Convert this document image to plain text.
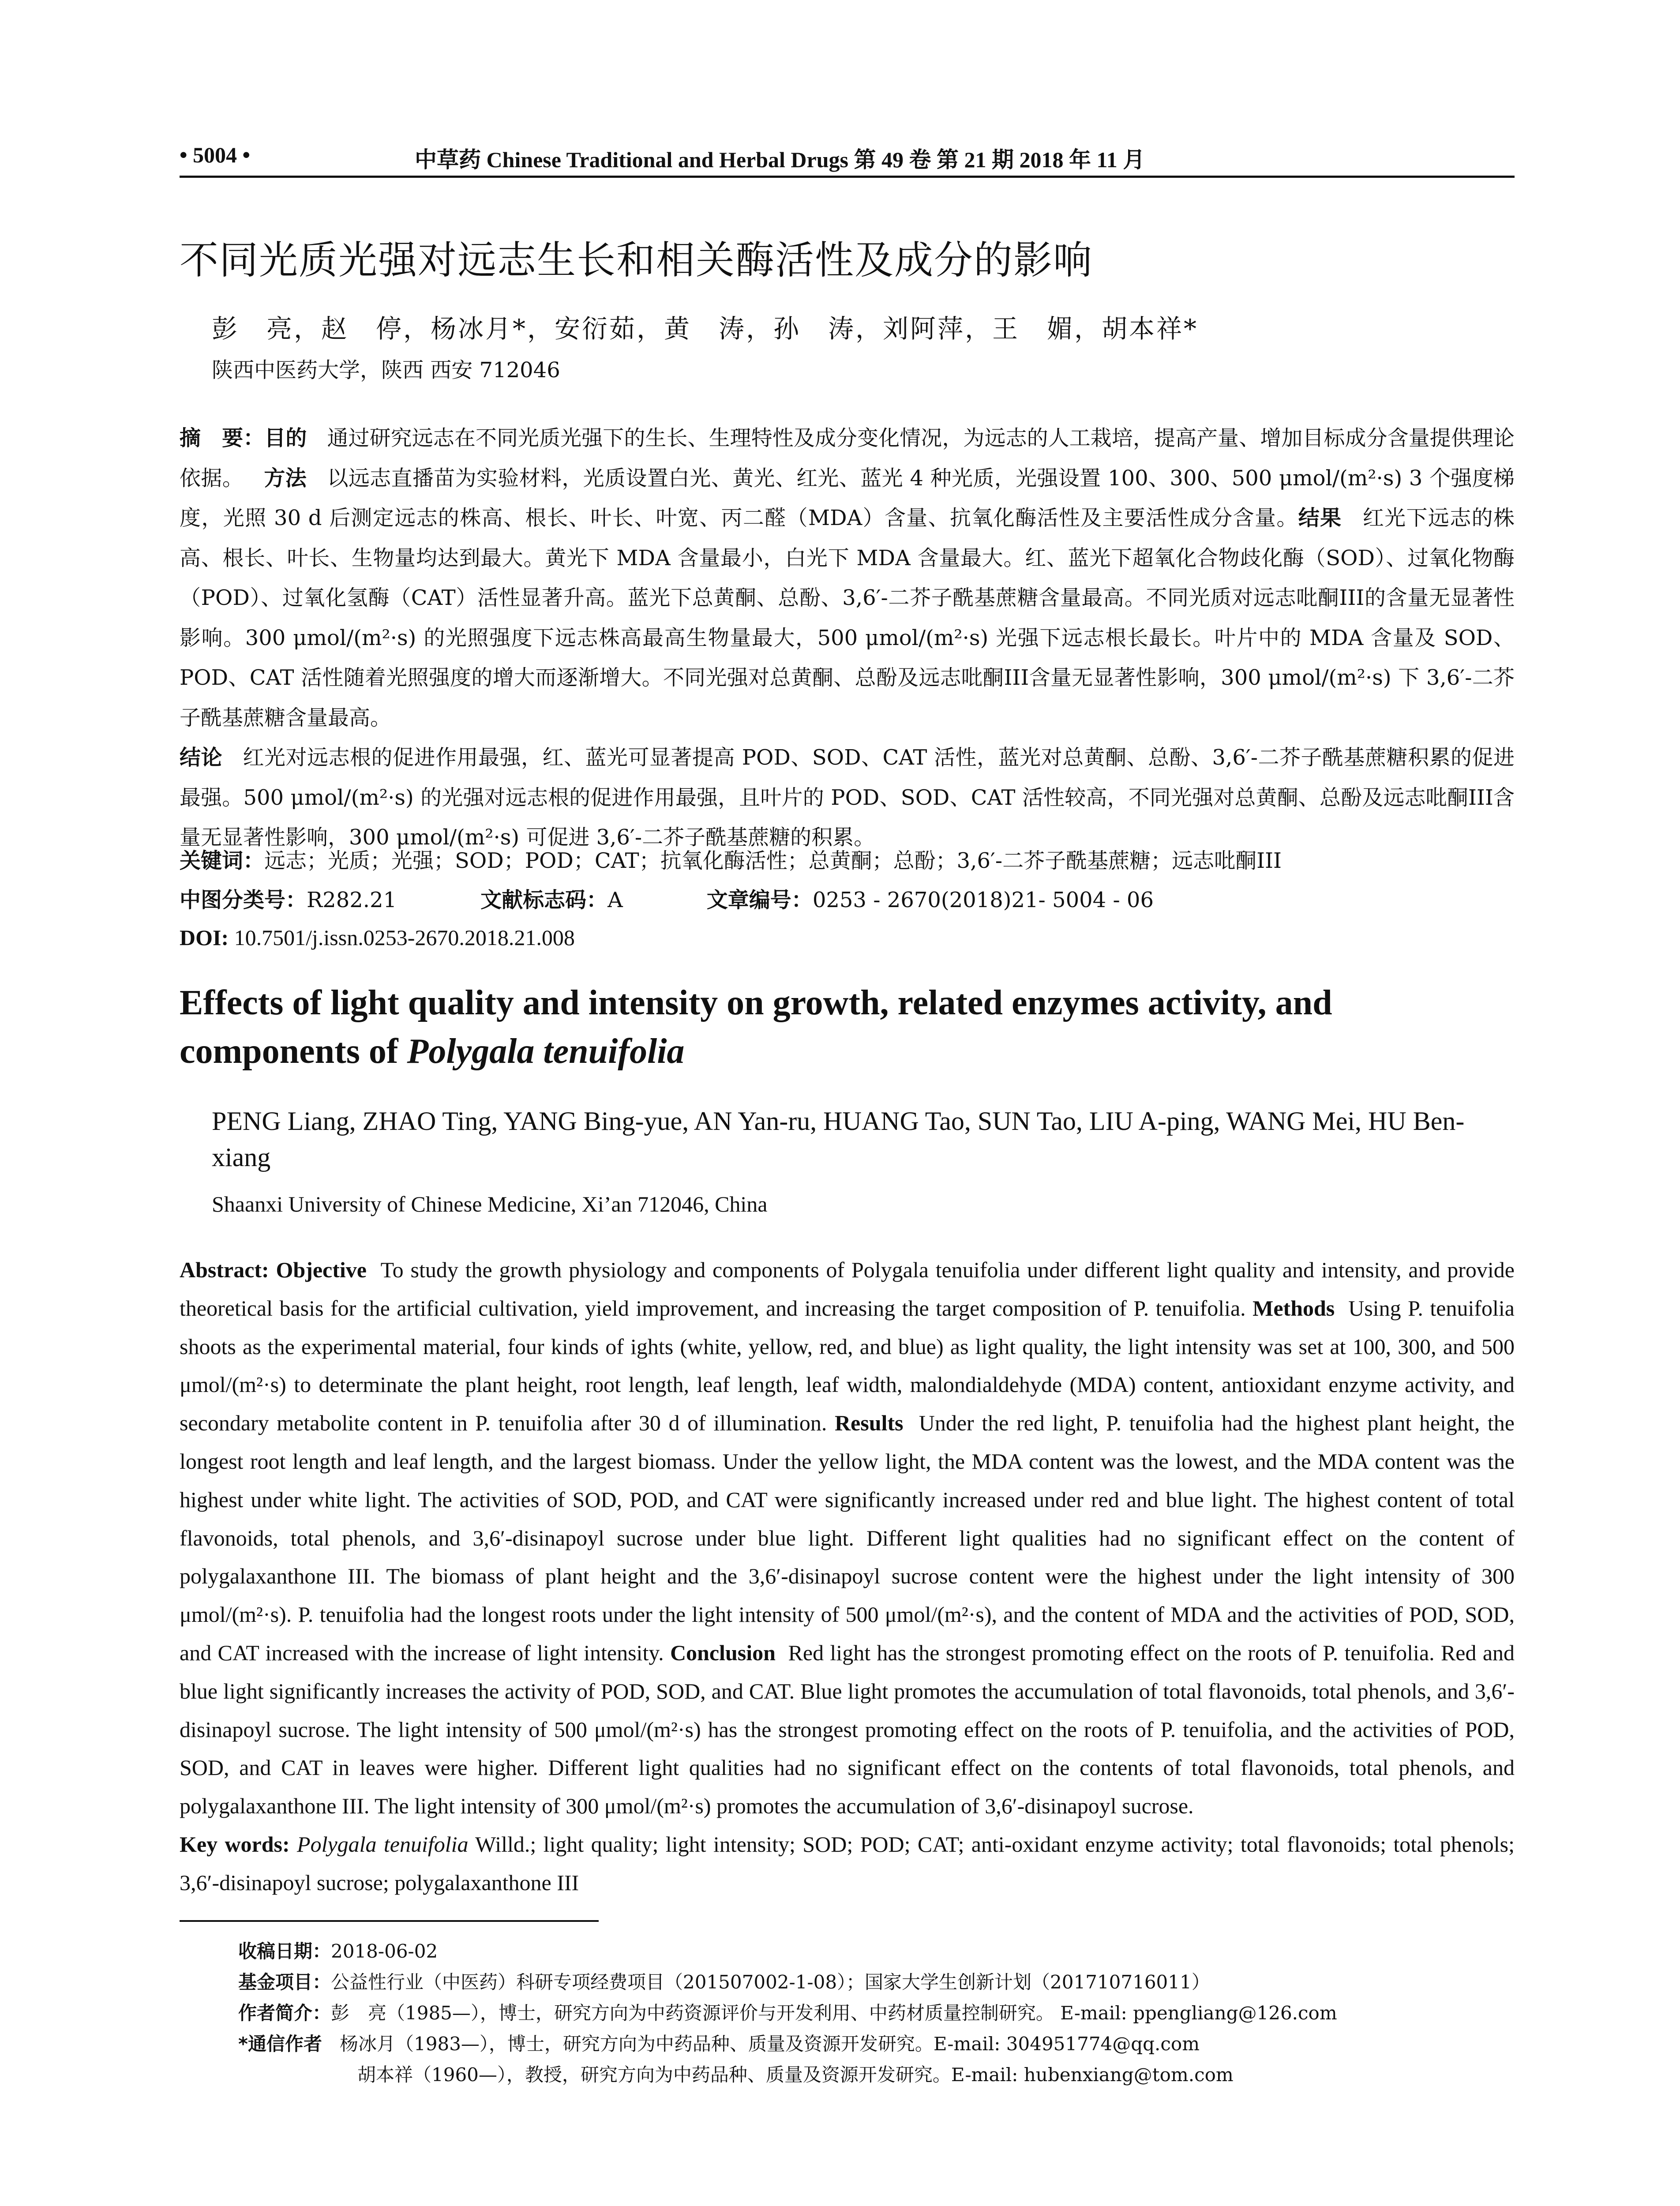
• 5004 •	中草药 Chinese Traditional and Herbal Drugs 第 49 卷 第 21 期 2018 年 11 月
不同光质光强对远志生长和相关酶活性及成分的影响
彭　亮，赵　停，杨冰月*，安衍茹，黄　涛，孙　涛，刘阿萍，王　媚，胡本祥*
陕西中医药大学，陕西 西安 712046
摘　要：目的 通过研究远志在不同光质光强下的生长、生理特性及成分变化情况，为远志的人工栽培，提高产量、增加目标成分含量提供理论依据。 方法 以远志直播苗为实验材料，光质设置白光、黄光、红光、蓝光 4 种光质，光强设置 100、300、500 μmol/(m²·s) 3 个强度梯度，光照 30 d 后测定远志的株高、根长、叶长、叶宽、丙二醛（MDA）含量、抗氧化酶活性及主要活性成分含量。结果 红光下远志的株高、根长、叶长、生物量均达到最大。黄光下 MDA 含量最小，白光下 MDA 含量最大。红、蓝光下超氧化合物歧化酶（SOD）、过氧化物酶（POD）、过氧化氢酶（CAT）活性显著升高。蓝光下总黄酮、总酚、3,6′-二芥子酰基蔗糖含量最高。不同光质对远志吡酮III的含量无显著性影响。300 μmol/(m²·s) 的光照强度下远志株高最高生物量最大，500 μmol/(m²·s) 光强下远志根长最长。叶片中的 MDA 含量及 SOD、POD、CAT 活性随着光照强度的增大而逐渐增大。不同光强对总黄酮、总酚及远志吡酮III含量无显著性影响，300 μmol/(m²·s) 下 3,6′-二芥子酰基蔗糖含量最高。
结论 红光对远志根的促进作用最强，红、蓝光可显著提高 POD、SOD、CAT 活性，蓝光对总黄酮、总酚、3,6′-二芥子酰基蔗糖积累的促进最强。500 μmol/(m²·s) 的光强对远志根的促进作用最强，且叶片的 POD、SOD、CAT 活性较高，不同光强对总黄酮、总酚及远志吡酮III含量无显著性影响，300 μmol/(m²·s) 可促进 3,6′-二芥子酰基蔗糖的积累。
关键词：远志；光质；光强；SOD；POD；CAT；抗氧化酶活性；总黄酮；总酚；3,6′-二芥子酰基蔗糖；远志吡酮III
中图分类号：R282.21	文献标志码：A	文章编号：0253 - 2670(2018)21- 5004 - 06
DOI: 10.7501/j.issn.0253-2670.2018.21.008
Effects of light quality and intensity on growth, related enzymes activity, and components of Polygala tenuifolia
PENG Liang, ZHAO Ting, YANG Bing-yue, AN Yan-ru, HUANG Tao, SUN Tao, LIU A-ping, WANG Mei, HU Ben-xiang
Shaanxi University of Chinese Medicine, Xi’an 712046, China
Abstract: Objective To study the growth physiology and components of Polygala tenuifolia under different light quality and intensity, and provide theoretical basis for the artificial cultivation, yield improvement, and increasing the target composition of P. tenuifolia. Methods Using P. tenuifolia shoots as the experimental material, four kinds of ights (white, yellow, red, and blue) as light quality, the light intensity was set at 100, 300, and 500 μmol/(m²·s) to determinate the plant height, root length, leaf length, leaf width, malondialdehyde (MDA) content, antioxidant enzyme activity, and secondary metabolite content in P. tenuifolia after 30 d of illumination. Results Under the red light, P. tenuifolia had the highest plant height, the longest root length and leaf length, and the largest biomass. Under the yellow light, the MDA content was the lowest, and the MDA content was the highest under white light. The activities of SOD, POD, and CAT were significantly increased under red and blue light. The highest content of total flavonoids, total phenols, and 3,6′-disinapoyl sucrose under blue light. Different light qualities had no significant effect on the content of polygalaxanthone III. The biomass of plant height and the 3,6′-disinapoyl sucrose content were the highest under the light intensity of 300 μmol/(m²·s). P. tenuifolia had the longest roots under the light intensity of 500 μmol/(m²·s), and the content of MDA and the activities of POD, SOD, and CAT increased with the increase of light intensity. Conclusion Red light has the strongest promoting effect on the roots of P. tenuifolia. Red and blue light significantly increases the activity of POD, SOD, and CAT. Blue light promotes the accumulation of total flavonoids, total phenols, and 3,6′-disinapoyl sucrose. The light intensity of 500 μmol/(m²·s) has the strongest promoting effect on the roots of P. tenuifolia, and the activities of POD, SOD, and CAT in leaves were higher. Different light qualities had no significant effect on the contents of total flavonoids, total phenols, and polygalaxanthone III. The light intensity of 300 μmol/(m²·s) promotes the accumulation of 3,6′-disinapoyl sucrose.
Key words: Polygala tenuifolia Willd.; light quality; light intensity; SOD; POD; CAT; anti-oxidant enzyme activity; total flavonoids; total phenols; 3,6′-disinapoyl sucrose; polygalaxanthone III
收稿日期：2018-06-02
基金项目：公益性行业（中医药）科研专项经费项目（201507002-1-08）；国家大学生创新计划（201710716011）
作者简介：彭　亮（1985—），博士，研究方向为中药资源评价与开发利用、中药材质量控制研究。 E-mail: ppengliang@126.com
*通信作者 杨冰月（1983—），博士，研究方向为中药品种、质量及资源开发研究。E-mail: 304951774@qq.com
胡本祥（1960—），教授，研究方向为中药品种、质量及资源开发研究。E-mail: hubenxiang@tom.com
